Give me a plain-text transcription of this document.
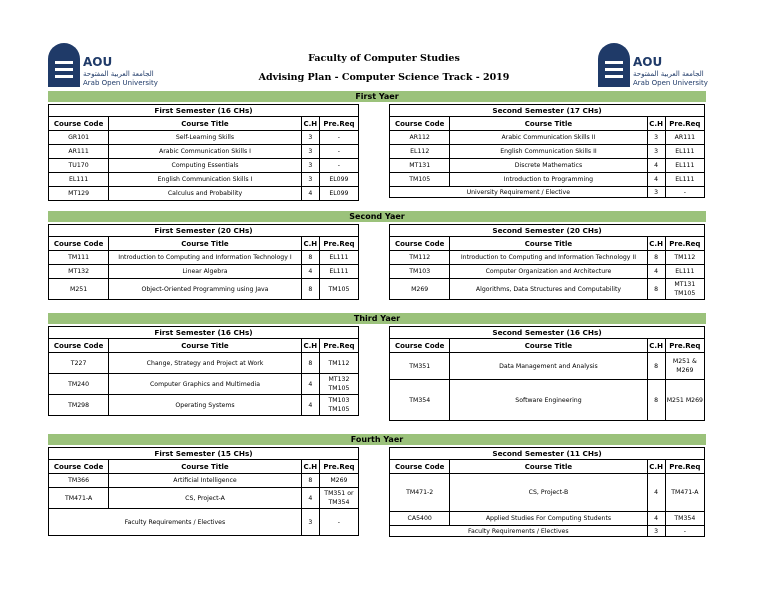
AOU
الجامعة العربية المفتوحة
Arab Open University
AOU
الجامعة العربية المفتوحة
Arab Open University
Faculty of Computer Studies
Advising Plan - Computer Science Track - 2019
First Yaer
First Semester (16 CHs)			
Course Code	Course Title	C.H	Pre.Req
GR101	Self-Learning Skills	3	-
AR111	Arabic Communication Skills I	3	-
TU170	Computing Essentials	3	-
EL111	English Communication Skills I	3	EL099
MT129	Calculus and Probability	4	EL099
Second Semester (17 CHs)			
Course Code	Course Title	C.H	Pre.Req
AR112	Arabic Communication Skills II	3	AR111
EL112	English Communication Skills II	3	EL111
MT131	Discrete Mathematics	4	EL111
TM105	Introduction to Programming	4	EL111
University Requirement / Elective		3	-
Second Yaer
First Semester (20 CHs)			
Course Code	Course Title	C.H	Pre.Req
TM111	Introduction to Computing and Information Technology I	8	EL111
MT132	Linear Algebra	4	EL111
M251	Object-Oriented Programming using Java	8	TM105
Second Semester (20 CHs)			
Course Code	Course Title	C.H	Pre.Req
TM112	Introduction to Computing and Information Technology II	8	TM112
TM103	Computer Organization and Architecture	4	EL111
M269	Algorithms, Data Structures and Computability	8	MT131 TM105
Third Yaer
First Semester (16 CHs)			
Course Code	Course Title	C.H	Pre.Req
T227	Change, Strategy and Project at Work	8	TM112
TM240	Computer Graphics and Multimedia	4	MT132 TM105
TM298	Operating Systems	4	TM103 TM105
Second Semester (16 CHs)			
Course Code	Course Title	C.H	Pre.Req
TM351	Data Management and Analysis	8	M251 & M269
TM354	Software Engineering	8	M251 M269
Fourth Yaer
First Semester (15 CHs)			
Course Code	Course Title	C.H	Pre.Req
TM366	Artificial Intelligence	8	M269
TM471-A	CS, Project-A	4	TM351 or TM354
Faculty Requirements / Electives		3	-
Second Semester (11 CHs)			
Course Code	Course Title	C.H	Pre.Req
TM471-2	CS, Project-B	4	TM471-A
CA5400	Applied Studies For Computing Students	4	TM354
Faculty Requirements / Electives		3	-
